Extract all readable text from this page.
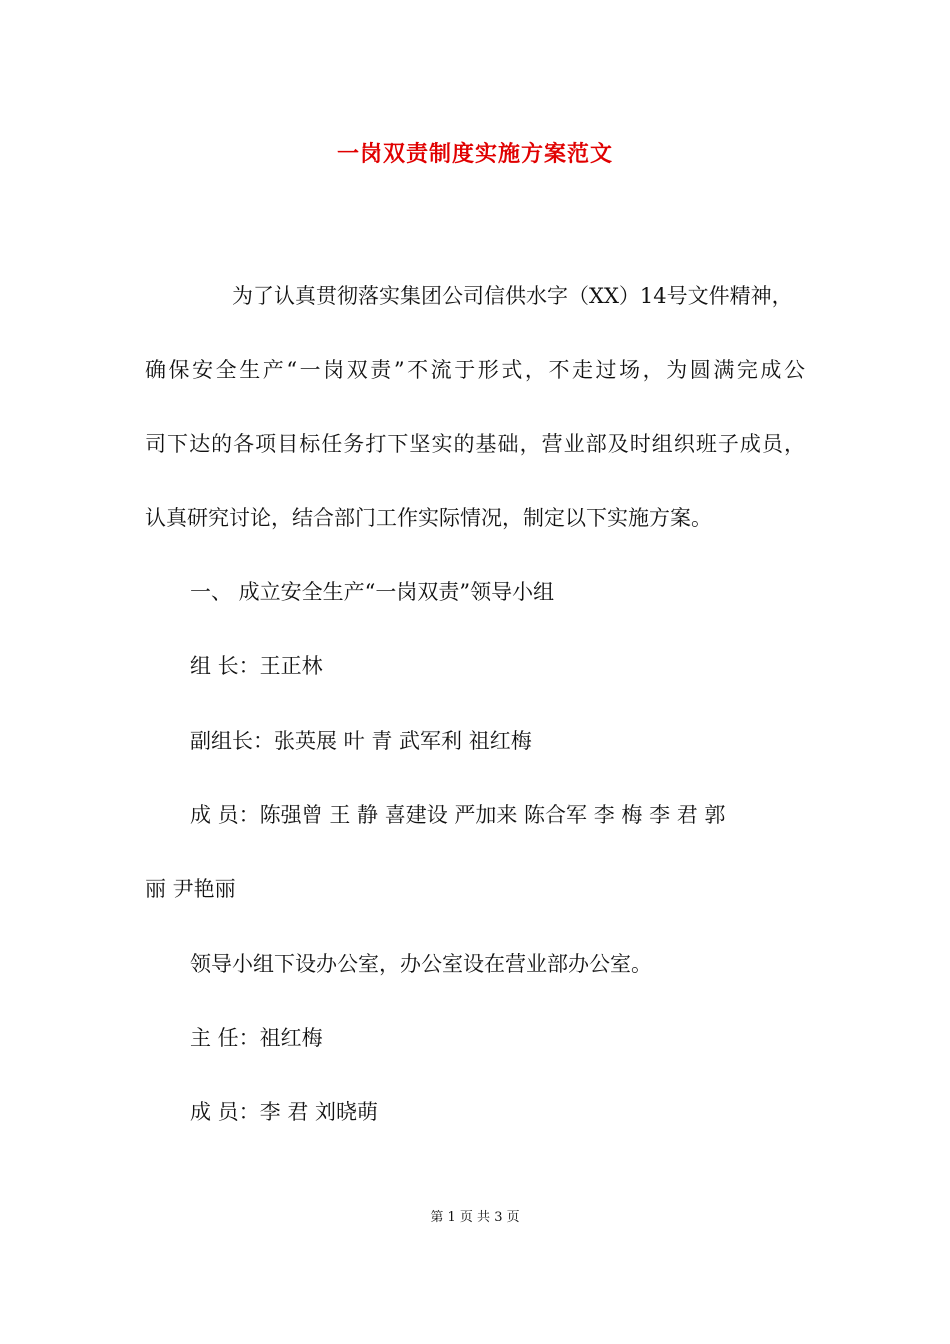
一岗双责制度实施方案范文
为了认真贯彻落实集团公司信供水字（XX）14号文件精神，
确保安全生产“一岗双责”不流于形式，不走过场，为圆满完成公
司下达的各项目标任务打下坚实的基础，营业部及时组织班子成员，
认真研究讨论，结合部门工作实际情况，制定以下实施方案。
一、 成立安全生产“一岗双责”领导小组
组 长：王正林
副组长：张英展 叶 青 武军利 祖红梅
成 员：陈强曾 王 静 喜建设 严加来 陈合军 李 梅 李 君 郭
丽 尹艳丽
领导小组下设办公室，办公室设在营业部办公室。
主 任：祖红梅
成 员：李 君 刘晓萌
第 1 页 共 3 页
